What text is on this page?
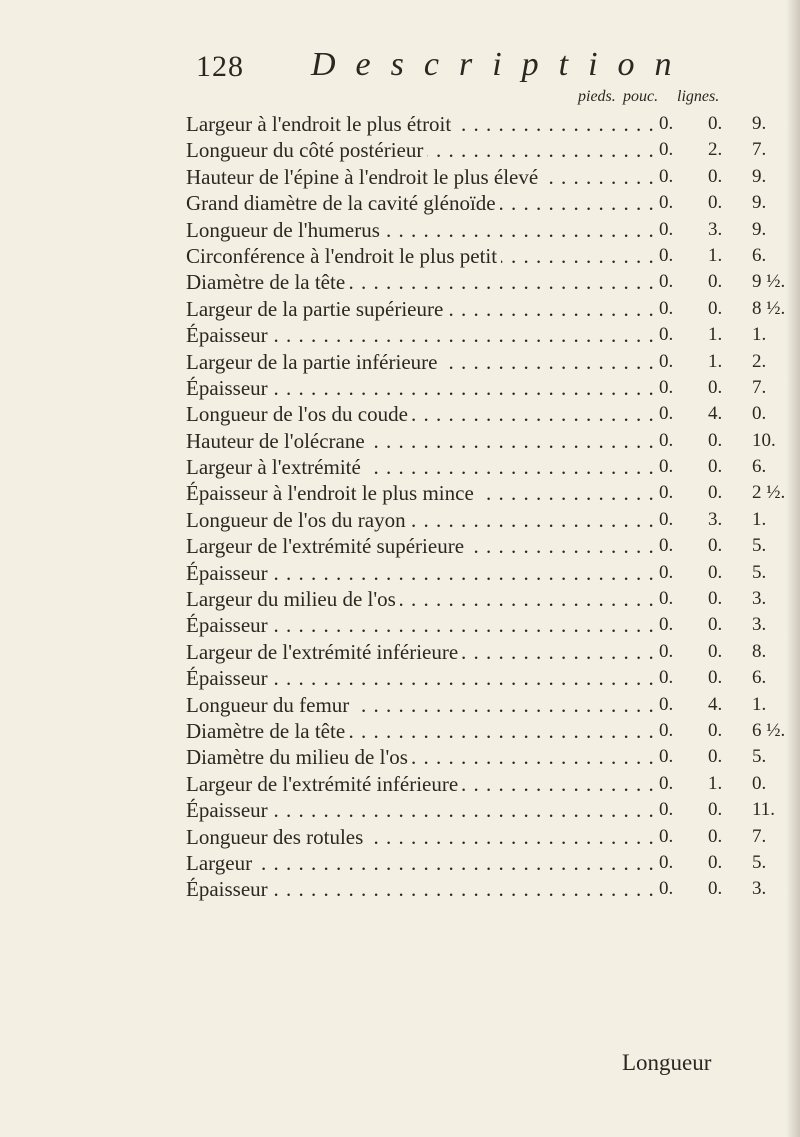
128 Description
pieds. pouc. lignes.
Largeur à l'endroit le plus étroit . . .	0. 0. 9.
Longueur du côté postérieur . . .	0. 2. 7.
Hauteur de l'épine à l'endroit le plus élevé . . .	0. 0. 9.
Grand diamètre de la cavité glénoïde . . .	0. 0. 9.
Longueur de l'humerus . . .	0. 3. 9.
Circonférence à l'endroit le plus petit . . .	0. 1. 6.
Diamètre de la tête . . .	0. 0. 9 ½.
Largeur de la partie supérieure . . .	0. 0. 8 ½.
Épaisseur . . .	0. 1. 1.
Largeur de la partie inférieure . . .	0. 1. 2.
Épaisseur . . .	0. 0. 7.
Longueur de l'os du coude . . .	0. 4. 0.
Hauteur de l'olécrane . . .	0. 0. 10.
Largeur à l'extrémité . . .	0. 0. 6.
Épaisseur à l'endroit le plus mince . . .	0. 0. 2 ½.
Longueur de l'os du rayon . . .	0. 3. 1.
Largeur de l'extrémité supérieure . . .	0. 0. 5.
Épaisseur . . .	0. 0. 5.
Largeur du milieu de l'os . . .	0. 0. 3.
Épaisseur . . .	0. 0. 3.
Largeur de l'extrémité inférieure . . .	0. 0. 8.
Épaisseur . . .	0. 0. 6.
Longueur du femur . . .	0. 4. 1.
Diamètre de la tête . . .	0. 0. 6 ½.
Diamètre du milieu de l'os . . .	0. 0. 5.
Largeur de l'extrémité inférieure . . .	0. 1. 0.
Épaisseur . . .	0. 0. 11.
Longueur des rotules . . .	0. 0. 7.
Largeur . . .	0. 0. 5.
Épaisseur . . .	0. 0. 3.
Longueur
